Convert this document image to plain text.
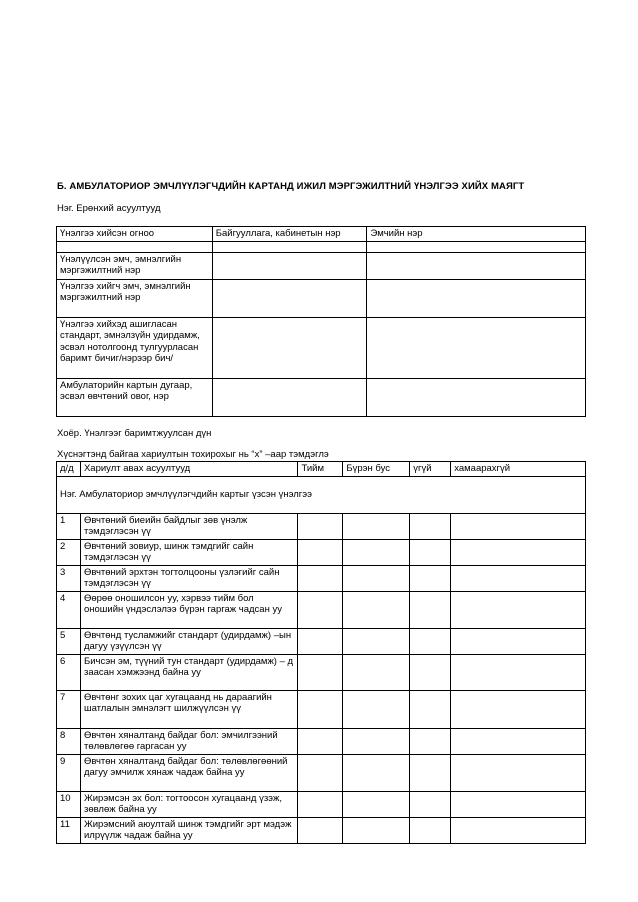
Б. АМБУЛАТОРИОР ЭМЧЛҮҮЛЭГЧДИЙН КАРТАНД ИЖИЛ МЭРГЭЖИЛТНИЙ ҮНЭЛГЭЭ ХИЙХ МАЯГТ
Нэг. Ерөнхий асуултууд
Үнэлгээ хийсэн огноо	Байгууллага, кабинетын нэр	Эмчийн нэр

Үнэлүүлсэн эмч, эмнэлгийн мэргэжилтний нэр		
Үнэлгээ хийгч эмч, эмнэлгийн мэргэжилтний нэр		
Үнэлгээ хийхэд ашигласан стандарт, эмнэлзүйн удирдамж, эсвэл нотолгоонд тулгуурласан баримт бичиг/нэрээр бич/		
Амбулаторийн картын дугаар, эсвэл өвчтөний овог, нэр		
Хоёр. Үнэлгээг баримтжуулсан дүн
Хүснэгтэнд байгаа хариултын тохирохыг нь “х” –аар тэмдэглэ
д/д	Хариулт авах асуултууд	Тийм	Бүрэн бус	үгүй	хамаарахгүй
Нэг. Амбулаториор эмчлүүлэгчдийн картыг үзсэн үнэлгээ					
1	Өвчтөний биеийн байдлыг зөв үнэлж тэмдэглэсэн үү				
2	Өвчтөний зовиур, шинж тэмдгийг сайн тэмдэглэсэн үү				
3	Өвчтөний эрхтэн тогтолцооны үзлэгийг сайн тэмдэглэсэн үү				
4	Өөрөө оношилсон уу, хэрвээ тийм бол оношийн үндэслэлээ бүрэн гаргаж чадсан уу				
5	Өвчтөнд тусламжийг стандарт (удирдамж) –ын дагуу үзүүлсэн үү				
6	Бичсэн эм, түүний тун стандарт (удирдамж) – д заасан хэмжээнд байна уу				
7	Өвчтөнг зохих цаг хугацаанд нь дараагийн шатлалын эмнэлэгт шилжүүлсэн үү				
8	Өвчтөн хяналтанд байдаг бол: эмчилгээний төлөвлөгөө гаргасан уу				
9	Өвчтөн хяналтанд байдаг бол: төлөвлөгөөний дагуу эмчилж хянаж чадаж байна уу				
10	Жирэмсэн эх бол: тогтоосон хугацаанд үзэж, зөвлөж байна уу				
11	Жирэмсний аюултай шинж тэмдгийг эрт мэдэж илрүүлж чадаж байна уу				
